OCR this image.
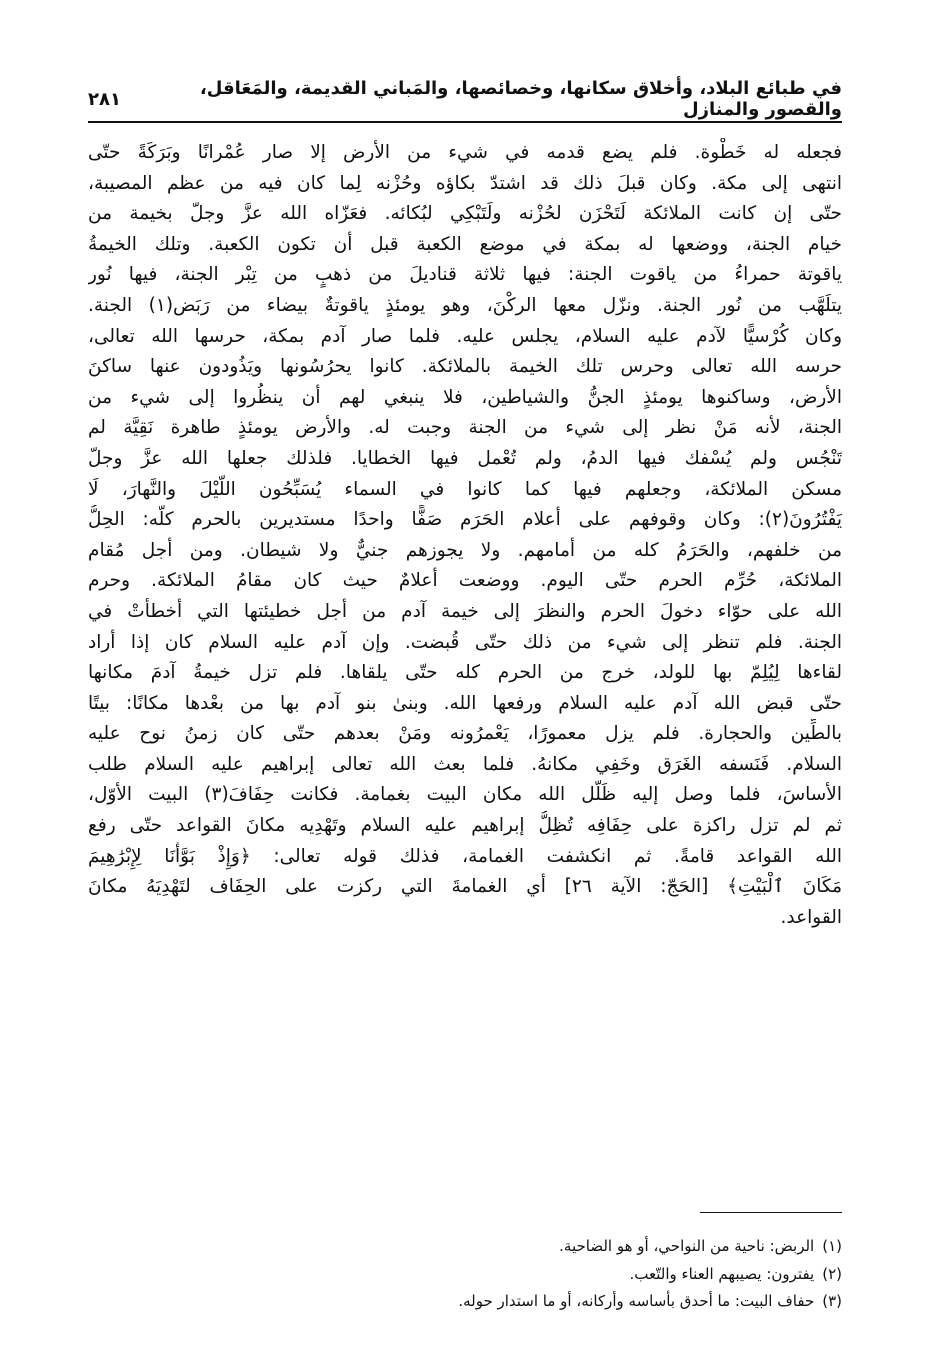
في طبائع البلاد، وأخلاق سكانها، وخصائصها، والمَباني القديمة، والمَعَاقل، والقصور والمنازل
٢٨١
فجعله له خَطْوة. فلم يضع قدمه في شيء من الأرض إلا صار عُمْرانًا وبَرَكَةً حتّى
انتهى إلى مكة. وكان قبلَ ذلك قد اشتدّ بكاؤه وحُزْنه لِما كان فيه من عظم المصيبة،
حتّى إن كانت الملائكة لَتَحْزَن لحُزْنه ولَتَبْكِي لبُكائه. فعَزّاه الله عزَّ وجلّ بخيمة من
خيام الجنة، ووضعها له بمكة في موضع الكعبة قبل أن تكون الكعبة. وتلك الخيمةُ
ياقوتة حمراءُ من ياقوت الجنة: فيها ثلاثة قناديلَ من ذهبٍ من تِبْر الجنة، فيها نُور
يتلَهَّب من نُور الجنة. ونزّل معها الركْنَ، وهو يومئذٍ ياقوتةٌ بيضاء من رَبَض(١) الجنة.
وكان كُرْسيًّا لآدم عليه السلام، يجلس عليه. فلما صار آدم بمكة، حرسها الله تعالى،
حرسه الله تعالى وحرس تلك الخيمة بالملائكة. كانوا يحرُسُونها ويَذُودون عنها ساكنَ
الأرض، وساكنوها يومئذٍ الجنُّ والشياطين، فلا ينبغي لهم أن ينظُروا إلى شيء من
الجنة، لأنه مَنْ نظر إلى شيء من الجنة وجبت له. والأرض يومئذٍ طاهرة نَقِيَّة لم
تَنْجُس ولم يُسْفك فيها الدمُ، ولم تُعْمل فيها الخطايا. فلذلك جعلها الله عزَّ وجلّ
مسكن الملائكة، وجعلهم فيها كما كانوا في السماء يُسَبِّحُون اللَّيْلَ والنَّهارَ، لَا
يَفْتُرُونَ(٢): وكان وقوفهم على أعلام الحَرَم صَفًّا واحدًا مستديرين بالحرم كلّه: الحِلُّ
من خلفهم، والحَرَمُ كله من أمامهم. ولا يجوزهم جنيٌّ ولا شيطان. ومن أجل مُقام
الملائكة، حُرِّم الحرم حتّى اليوم. ووضعت أعلامٌ حيث كان مقامُ الملائكة. وحرم
الله على حوّاء دخولَ الحرم والنظرَ إلى خيمة آدم من أجل خطيئتها التي أخطأتْ في
الجنة. فلم تنظر إلى شيء من ذلك حتّى قُبضت. وإن آدم عليه السلام كان إذا أراد
لقاءها لِيُلِمّ بها للولد، خرج من الحرم كله حتّى يلقاها. فلم تزل خيمةُ آدمَ مكانها
حتّى قبض الله آدم عليه السلام ورفعها الله. وبنىٰ بنو آدم بها من بعْدها مكانًا: بيتًا
بالطِّين والحجارة. فلم يزل معمورًا، يَعْمرُونه ومَنْ بعدهم حتّى كان زمنُ نوح عليه
السلام. فَنَسفه الغَرَق وخَفِي مكانهُ. فلما بعث الله تعالى إبراهيم عليه السلام طلب
الأساسَ، فلما وصل إليه ظَلَّل الله مكان البيت بغمامة. فكانت حِفَافَ(٣) البيت الأوّل،
ثم لم تزل راكزة على حِفَافِه تُظِلُّ إبراهيم عليه السلام وتَهْدِيه مكانَ القواعد حتّى رفع
الله القواعد قامةً. ثم انكشفت الغمامة، فذلك قوله تعالى: ﴿وَإِذْ بَوَّأْنَا لِإِبْرَٰهِيمَ
مَكَانَ ٱلْبَيْتِ﴾ [الحَجّ: الآية ٢٦] أي الغمامةَ التي ركزت على الحِفَاف لتَهْدِيَهُ مكانَ
القواعد.
(١)
الربض: ناحية من النواحي، أو هو الضاحية.
(٢)
يفترون: يصيبهم العناء والتّعب.
(٣)
حفاف البيت: ما أحدق بأساسه وأركانه، أو ما استدار حوله.
